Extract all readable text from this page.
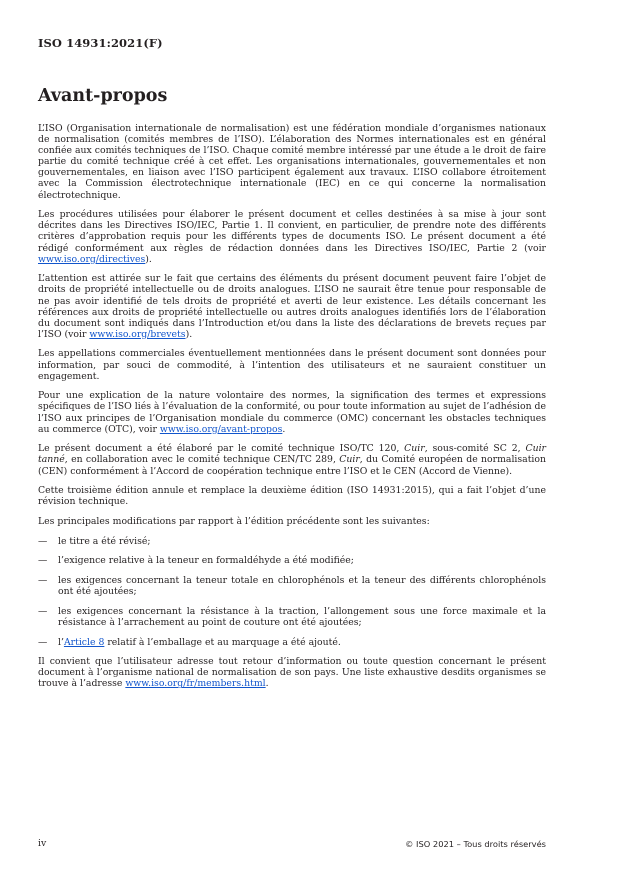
ISO 14931:2021(F)
Avant-propos

L’ISO (Organisation internationale de normalisation) est une fédération mondiale d’organismes nationaux de normalisation (comités membres de l’ISO). L’élaboration des Normes internationales est en général confiée aux comités techniques de l’ISO. Chaque comité membre intéressé par une étude a le droit de faire partie du comité technique créé à cet effet. Les organisations internationales, gouvernementales et non gouvernementales, en liaison avec l’ISO participent également aux travaux. L’ISO collabore étroitement avec la Commission électrotechnique internationale (IEC) en ce qui concerne la normalisation électrotechnique.

Les procédures utilisées pour élaborer le présent document et celles destinées à sa mise à jour sont décrites dans les Directives ISO/IEC, Partie 1. Il convient, en particulier, de prendre note des différents critères d’approbation requis pour les différents types de documents ISO. Le présent document a été rédigé conformément aux règles de rédaction données dans les Directives ISO/IEC, Partie 2 (voir www.iso.org/directives).

L’attention est attirée sur le fait que certains des éléments du présent document peuvent faire l’objet de droits de propriété intellectuelle ou de droits analogues. L’ISO ne saurait être tenue pour responsable de ne pas avoir identifié de tels droits de propriété et averti de leur existence. Les détails concernant les références aux droits de propriété intellectuelle ou autres droits analogues identifiés lors de l’élaboration du document sont indiqués dans l’Introduction et/ou dans la liste des déclarations de brevets reçues par l’ISO (voir www.iso.org/brevets).

Les appellations commerciales éventuellement mentionnées dans le présent document sont données pour information, par souci de commodité, à l’intention des utilisateurs et ne sauraient constituer un engagement.

Pour une explication de la nature volontaire des normes, la signification des termes et expressions spécifiques de l’ISO liés à l’évaluation de la conformité, ou pour toute information au sujet de l’adhésion de l’ISO aux principes de l’Organisation mondiale du commerce (OMC) concernant les obstacles techniques au commerce (OTC), voir www.iso.org/avant-propos.

Le présent document a été élaboré par le comité technique ISO/TC 120, Cuir, sous-comité SC 2, Cuir tanné, en collaboration avec le comité technique CEN/TC 289, Cuir, du Comité européen de normalisation (CEN) conformément à l’Accord de coopération technique entre l’ISO et le CEN (Accord de Vienne).

Cette troisième édition annule et remplace la deuxième édition (ISO 14931:2015), qui a fait l’objet d’une révision technique.

Les principales modifications par rapport à l’édition précédente sont les suivantes:

—	le titre a été révisé;
—	l’exigence relative à la teneur en formaldéhyde a été modifiée;
—	les exigences concernant la teneur totale en chlorophénols et la teneur des différents chlorophénols ont été ajoutées;
—	les exigences concernant la résistance à la traction, l’allongement sous une force maximale et la résistance à l’arrachement au point de couture ont été ajoutées;
—	l’Article 8 relatif à l’emballage et au marquage a été ajouté.

Il convient que l’utilisateur adresse tout retour d’information ou toute question concernant le présent document à l’organisme national de normalisation de son pays. Une liste exhaustive desdits organismes se trouve à l’adresse www.iso.org/fr/members.html.

iv	© ISO 2021 – Tous droits réservés
